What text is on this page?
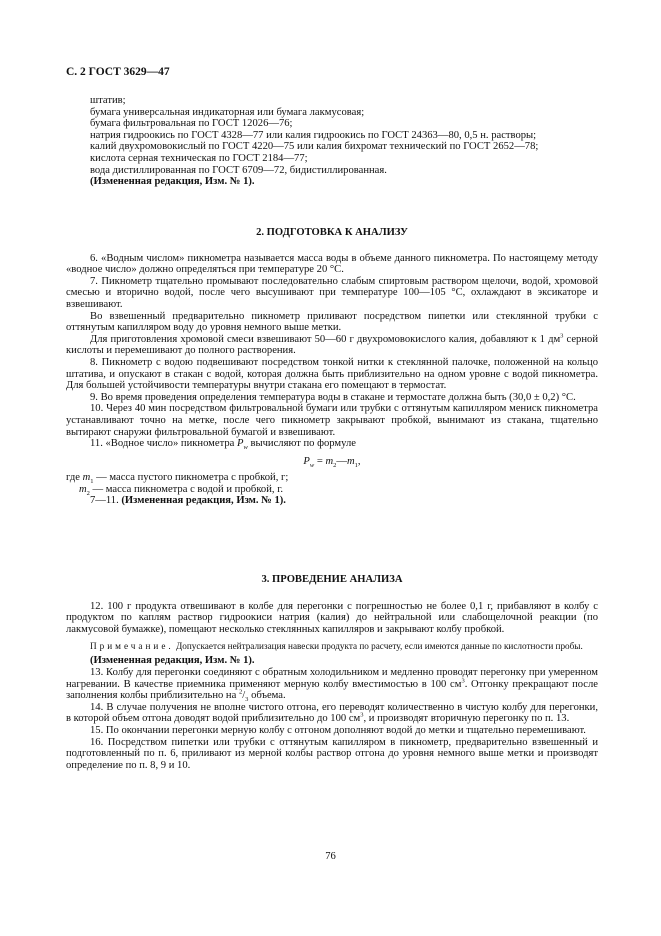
С. 2 ГОСТ 3629—47

штатив;

бумага универсальная индикаторная или бумага лакмусовая;

бумага фильтровальная по ГОСТ 12026—76;

натрия гидроокись по ГОСТ 4328—77 или калия гидроокись по ГОСТ 24363—80, 0,5 н. растворы;

калий двухромовокислый по ГОСТ 4220—75 или калия бихромат технический по ГОСТ 2652—78;

кислота серная техническая по ГОСТ 2184—77;

вода дистиллированная по ГОСТ 6709—72, бидистиллированная.

(Измененная редакция, Изм. № 1).

2. ПОДГОТОВКА К АНАЛИЗУ

6. «Водным числом» пикнометра называется масса воды в объеме данного пикнометра. По настоящему методу «водное число» должно определяться при температуре 20 °С.

7. Пикнометр тщательно промывают последовательно слабым спиртовым раствором щелочи, водой, хромовой смесью и вторично водой, после чего высушивают при температуре 100—105 °С, охлаждают в эксикаторе и взвешивают.

Во взвешенный предварительно пикнометр приливают посредством пипетки или стеклянной трубки с оттянутым капилляром воду до уровня немного выше метки.

Для приготовления хромовой смеси взвешивают 50—60 г двухромовокислого калия, добавляют к 1 $дм^3$ серной кислоты и перемешивают до полного растворения.

8. Пикнометр с водою подвешивают посредством тонкой нитки к стеклянной палочке, положенной на кольцо штатива, и опускают в стакан с водой, которая должна быть приблизительно на одном уровне с водой пикнометра. Для большей устойчивости температуры внутри стакана его помещают в термостат.

9. Во время проведения определения температура воды в стакане и термостате должна быть (30,0 ± 0,2) °С.

10. Через 40 мин посредством фильтровальной бумаги или трубки с оттянутым капилляром мениск пикнометра устанавливают точно на метке, после чего пикнометр закрывают пробкой, вынимают из стакана, тщательно вытирают снаружи фильтровальной бумагой и взвешивают.

11. «Водное число» пикнометра $P_w$ вычисляют по формуле

$P_w$ = $m_2—m_1$,

где $m_1$ — масса пустого пикнометра с пробкой, г;

$m_2$ — масса пикнометра с водой и пробкой, г.

7—11. (Измененная редакция, Изм. № 1).

3. ПРОВЕДЕНИЕ АНАЛИЗА

12. 100 г продукта отвешивают в колбе для перегонки с погрешностью не более 0,1 г, прибавляют в колбу с продуктом по каплям раствор гидроокиси натрия (калия) до нейтральной или слабощелочной реакции (по лакмусовой бумажке), помещают несколько стеклянных капилляров и закрывают колбу пробкой.

Примечание. Допускается нейтрализация навески продукта по расчету, если имеются данные по кислотности пробы.

(Измененная редакция, Изм. № 1).

13. Колбу для перегонки соединяют с обратным холодильником и медленно проводят перегонку при умеренном нагревании. В качестве приемника применяют мерную колбу вместимостью в 100 $см^3$. Отгонку прекращают после заполнения колбы приблизительно на $^2/_3$ объема.

14. В случае получения не вполне чистого отгона, его переводят количественно в чистую колбу для перегонки, в которой объем отгона доводят водой приблизительно до 100 $см^3$, и производят вторичную перегонку по п. 13.

15. По окончании перегонки мерную колбу с отгоном дополняют водой до метки и тщательно перемешивают.

16. Посредством пипетки или трубки с оттянутым капилляром в пикнометр, предварительно взвешенный и подготовленный по п. 6, приливают из мерной колбы раствор отгона до уровня немного выше метки и производят определение по п. 8, 9 и 10.

76
